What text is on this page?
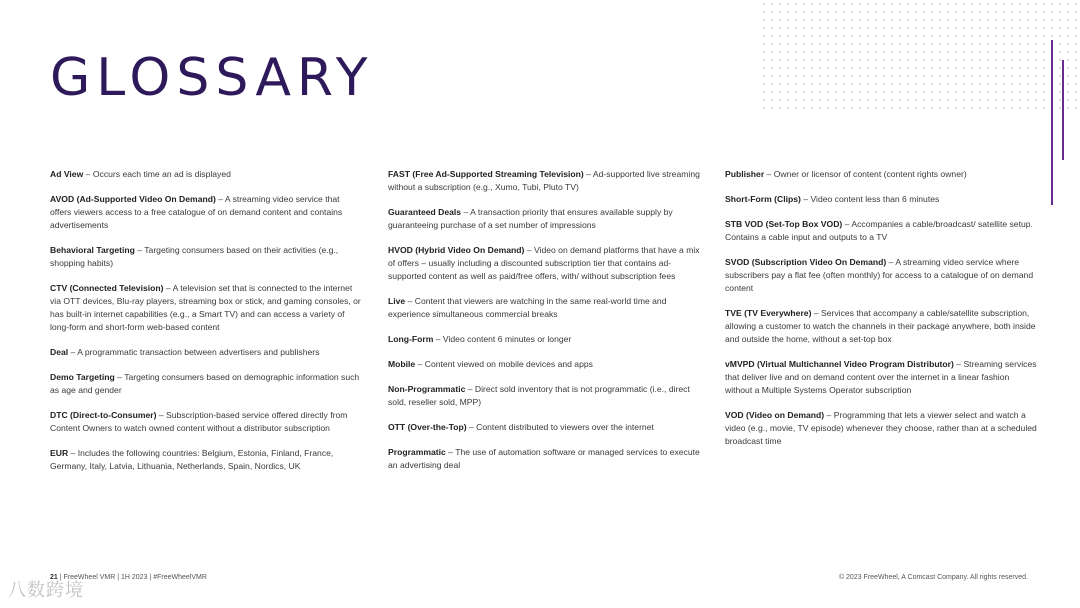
GLOSSARY

Ad View – Occurs each time an ad is displayed

AVOD (Ad-Supported Video On Demand) – A streaming video service that offers viewers access to a free catalogue of on demand content and contains advertisements

Behavioral Targeting – Targeting consumers based on their activities (e.g., shopping habits)

CTV (Connected Television) – A television set that is connected to the internet via OTT devices, Blu-ray players, streaming box or stick, and gaming consoles, or has built-in internet capabilities (e.g., a Smart TV) and can access a variety of long-form and short-form web-based content

Deal – A programmatic transaction between advertisers and publishers

Demo Targeting – Targeting consumers based on demographic information such as age and gender

DTC (Direct-to-Consumer) – Subscription-based service offered directly from Content Owners to watch owned content without a distributor subscription

EUR – Includes the following countries: Belgium, Estonia, Finland, France, Germany, Italy, Latvia, Lithuania, Netherlands, Spain, Nordics, UK

FAST (Free Ad-Supported Streaming Television) – Ad-supported live streaming without a subscription (e.g., Xumo, Tubi, Pluto TV)

Guaranteed Deals – A transaction priority that ensures available supply by guaranteeing purchase of a set number of impressions

HVOD (Hybrid Video On Demand) – Video on demand platforms that have a mix of offers – usually including a discounted subscription tier that contains ad-supported content as well as paid/free offers, with/ without subscription fees

Live – Content that viewers are watching in the same real-world time and experience simultaneous commercial breaks

Long-Form – Video content 6 minutes or longer

Mobile – Content viewed on mobile devices and apps

Non-Programmatic – Direct sold inventory that is not programmatic (i.e., direct sold, reseller sold, MPP)

OTT (Over-the-Top) – Content distributed to viewers over the internet

Programmatic – The use of automation software or managed services to execute an advertising deal

Publisher – Owner or licensor of content (content rights owner)

Short-Form (Clips) – Video content less than 6 minutes

STB VOD (Set-Top Box VOD) – Accompanies a cable/broadcast/ satellite setup. Contains a cable input and outputs to a TV

SVOD (Subscription Video On Demand) – A streaming video service where subscribers pay a flat fee (often monthly) for access to a catalogue of on demand content

TVE (TV Everywhere) – Services that accompany a cable/satellite subscription, allowing a customer to watch the channels in their package anywhere, both inside and outside the home, without a set-top box

vMVPD (Virtual Multichannel Video Program Distributor) – Streaming services that deliver live and on demand content over the internet in a linear fashion without a Multiple Systems Operator subscription

VOD (Video on Demand) – Programming that lets a viewer select and watch a video (e.g., movie, TV episode) whenever they choose, rather than at a scheduled broadcast time

21 | FreeWheel VMR | 1H 2023 | #FreeWheelVMR	© 2023 FreeWheel, A Comcast Company. All rights reserved.
八数跨境
